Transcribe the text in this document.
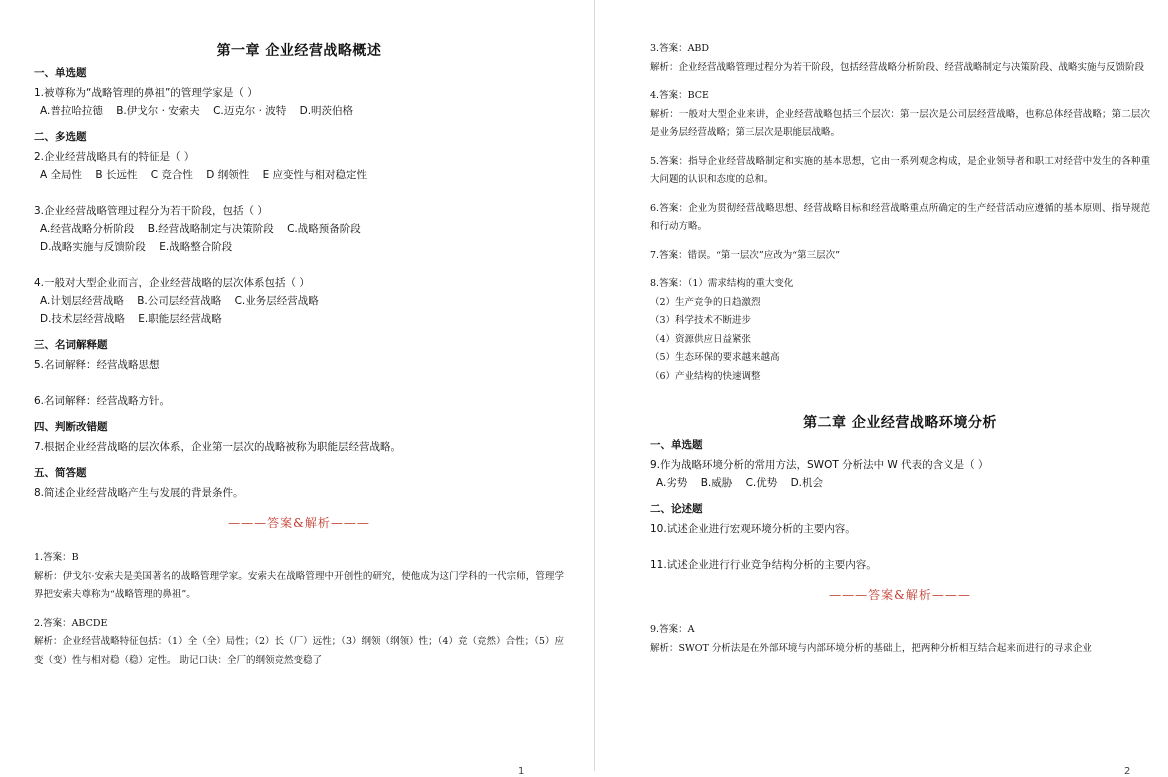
第一章 企业经营战略概述
一、单选题

1.被尊称为“战略管理的鼻祖”的管理学家是（ ）

A.普拉哈拉德 B.伊戈尔 · 安索夫 C.迈克尔 · 波特 D.明茨伯格

二、多选题

2.企业经营战略具有的特征是（ ）

A 全局性 B 长远性 C 竞合性 D 纲领性 E 应变性与相对稳定性

3.企业经营战略管理过程分为若干阶段，包括（ ）

A.经营战略分析阶段 B.经营战略制定与决策阶段 C.战略预备阶段

D.战略实施与反馈阶段 E.战略整合阶段

4.一般对大型企业而言，企业经营战略的层次体系包括（ ）

A.计划层经营战略 B.公司层经营战略 C.业务层经营战略

D.技术层经营战略 E.职能层经营战略

三、名词解释题

5.名词解释：经营战略思想

6.名词解释：经营战略方针。

四、判断改错题

7.根据企业经营战略的层次体系，企业第一层次的战略被称为职能层经营战略。

五、简答题

8.简述企业经营战略产生与发展的背景条件。

———答案&解析———

1.答案：B

解析：伊戈尔·安索夫是美国著名的战略管理学家。安索夫在战略管理中开创性的研究，使他成为这门学科的一代宗师，管理学界把安索夫尊称为“战略管理的鼻祖”。

2.答案：ABCDE

解析：企业经营战略特征包括：（1）全（全）局性；（2）长（厂）远性；（3）纲领（纲领）性；（4）竞（竞然）合性；（5）应变（变）性与相对稳（稳）定性。 助记口诀：全厂的纲领竞然变稳了

1

3.答案：ABD

解析：企业经营战略管理过程分为若干阶段，包括经营战略分析阶段、经营战略制定与决策阶段、战略实施与反馈阶段

4.答案：BCE

解析：一般对大型企业来讲，企业经营战略包括三个层次：第一层次是公司层经营战略，也称总体经营战略；第二层次是业务层经营战略；第三层次是职能层战略。

5.答案：指导企业经营战略制定和实施的基本思想，它由一系列观念构成，是企业领导者和职工对经营中发生的各种重大问题的认识和态度的总和。

6.答案：企业为贯彻经营战略思想、经营战略目标和经营战略重点所确定的生产经营活动应遵循的基本原则、指导规范和行动方略。

7.答案：错误。“第一层次”应改为“第三层次”

8.答案：（1）需求结构的重大变化

（2）生产竞争的日趋激烈

（3）科学技术不断进步

（4）资源供应日益紧张

（5）生态环保的要求越来越高

（6）产业结构的快速调整

第二章 企业经营战略环境分析
一、单选题

9.作为战略环境分析的常用方法，SWOT 分析法中 W 代表的含义是（ ）

A.劣势 B.威胁 C.优势 D.机会

二、论述题

10.试述企业进行宏观环境分析的主要内容。

11.试述企业进行行业竞争结构分析的主要内容。

———答案&解析———

9.答案：A

解析：SWOT 分析法是在外部环境与内部环境分析的基础上，把两种分析相互结合起来而进行的寻求企业

2
